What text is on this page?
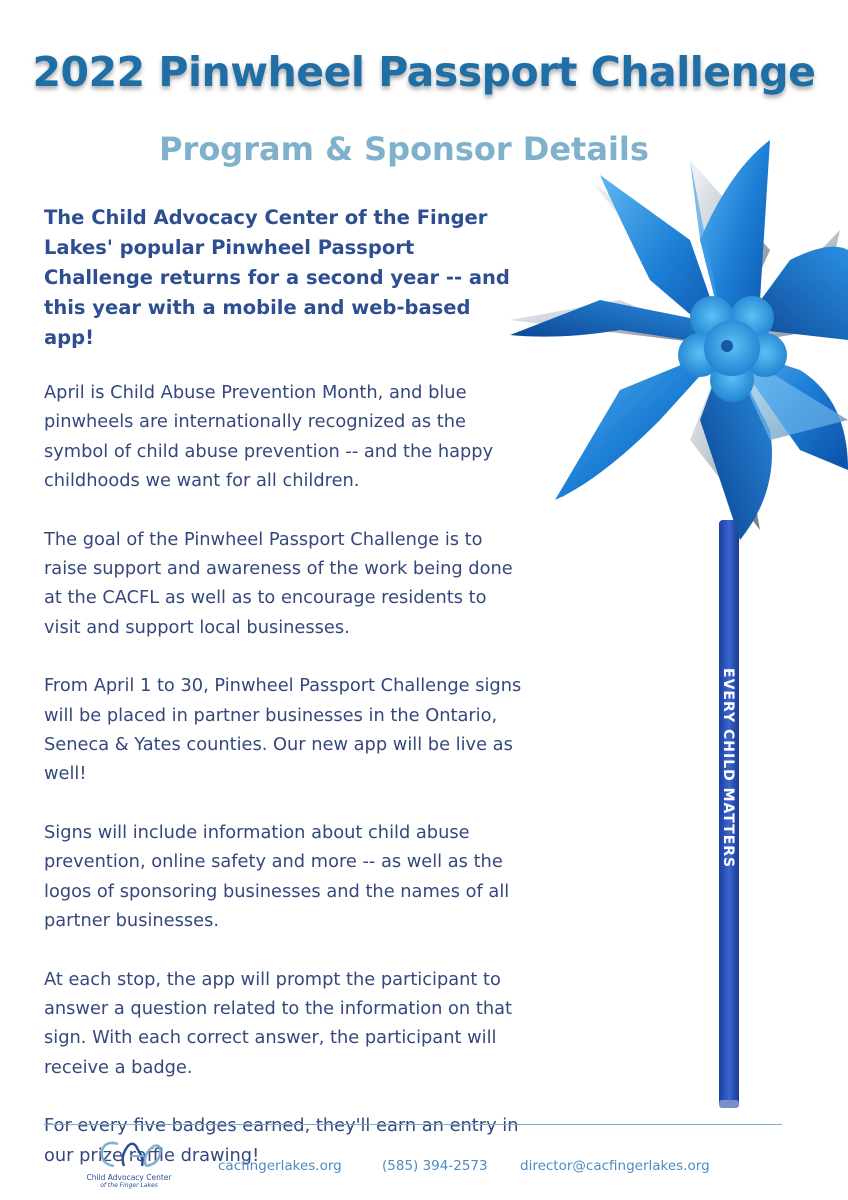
2022 Pinwheel Passport Challenge
Program & Sponsor Details

The Child Advocacy Center of the Finger Lakes' popular Pinwheel Passport Challenge returns for a second year -- and this year with a mobile and web-based app!

April is Child Abuse Prevention Month, and blue pinwheels are internationally recognized as the symbol of child abuse prevention -- and the happy childhoods we want for all children.

The goal of the Pinwheel Passport Challenge is to raise support and awareness of the work being done at the CACFL as well as to encourage residents to visit and support local businesses.

From April 1 to 30, Pinwheel Passport Challenge signs will be placed in partner businesses in the Ontario, Seneca & Yates counties. Our new app will be live as well!

Signs will include information about child abuse prevention, online safety and more -- as well as the logos of sponsoring businesses and the names of all partner businesses.

At each stop, the app will prompt the participant to answer a question related to the information on that sign. With each correct answer, the participant will receive a badge.

For every five badges earned, they'll earn an entry in our prize raffle drawing!

EVERY CHILD MATTERS
Child Advocacy Center
of the Finger Lakes
cacfingerlakes.org	(585) 394-2573 director@cacfingerlakes.org
